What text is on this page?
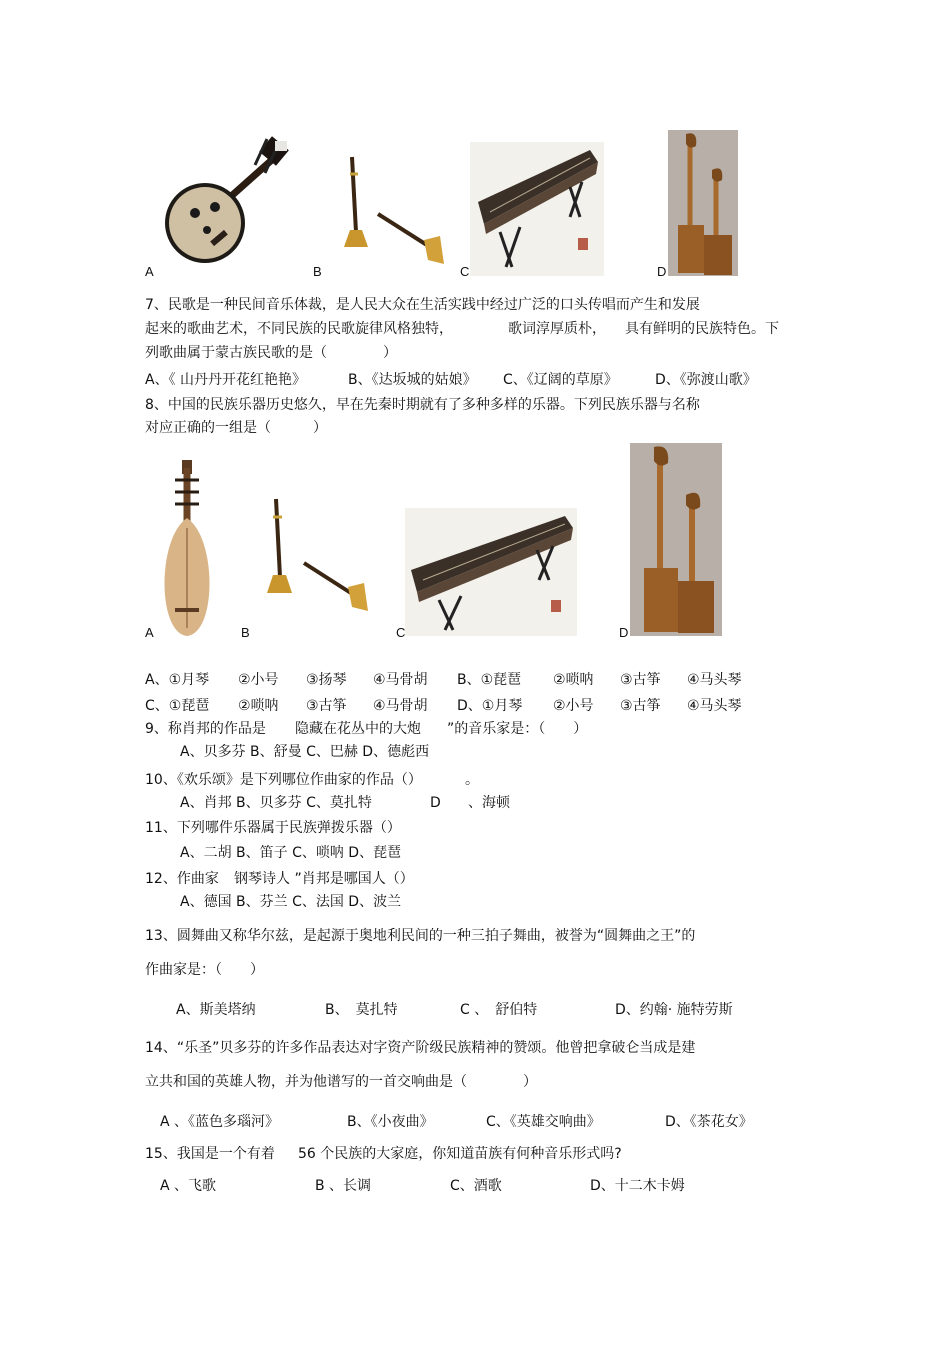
A	B	C	D
7、民歌是一种民间音乐体裁，是人民大众在生活实践中经过广泛的口头传唱而产生和发展
起来的歌曲艺术，不同民族的民歌旋律风格独特，	歌词淳厚质朴， 具有鲜明的民族特色。下
列歌曲属于蒙古族民歌的是（　　　　）
A、《 山丹丹开花红艳艳》	B、《达坂城的姑娘》 C、《辽阔的草原》	D、《弥渡山歌》
8、中国的民族乐器历史悠久，早在先秦时期就有了多种多样的乐器。下列民族乐器与名称
对应正确的一组是（　　　）
A	B	C	D
A、①月琴 ②小号 ③扬琴 ④马骨胡 B、①琵琶 ②唢呐 ③古筝 ④马头琴
C、①琵琶 ②唢呐 ③古筝 ④马骨胡 D、①月琴 ②小号 ③古筝 ④马头琴
9、称肖邦的作品是 隐藏在花丛中的大炮 ”的音乐家是：（　　）
A、贝多芬 B、舒曼 C、巴赫 D、德彪西
10、《欢乐颂》是下列哪位作曲家的作品（）	。
A、肖邦 B、贝多芬 C、莫扎特	D 、海顿
11、下列哪件乐器属于民族弹拨乐器（）
A、二胡 B、笛子 C、唢呐 D、琵琶
12、作曲家 钢琴诗人 ”肖邦是哪国人（）
A、德国 B、芬兰 C、法国 D、波兰
13、圆舞曲又称华尔兹，是起源于奥地利民间的一种三拍子舞曲，被誉为“圆舞曲之王”的
作曲家是：（　　）
A、斯美塔纳	B、　莫扎特	C 、　舒伯特	D、约翰· 施特劳斯
14、“乐圣”贝多芬的许多作品表达对字资产阶级民族精神的赞颂。他曾把拿破仑当成是建
立共和国的英雄人物，并为他谱写的一首交响曲是（　　　　）
A 、《蓝色多瑙河》	B、《小夜曲》	C、《英雄交响曲》	D、《茶花女》
15、我国是一个有着 56 个民族的大家庭，你知道苗族有何种音乐形式吗?
A 、飞歌	B 、长调	C、酒歌	D、十二木卡姆
